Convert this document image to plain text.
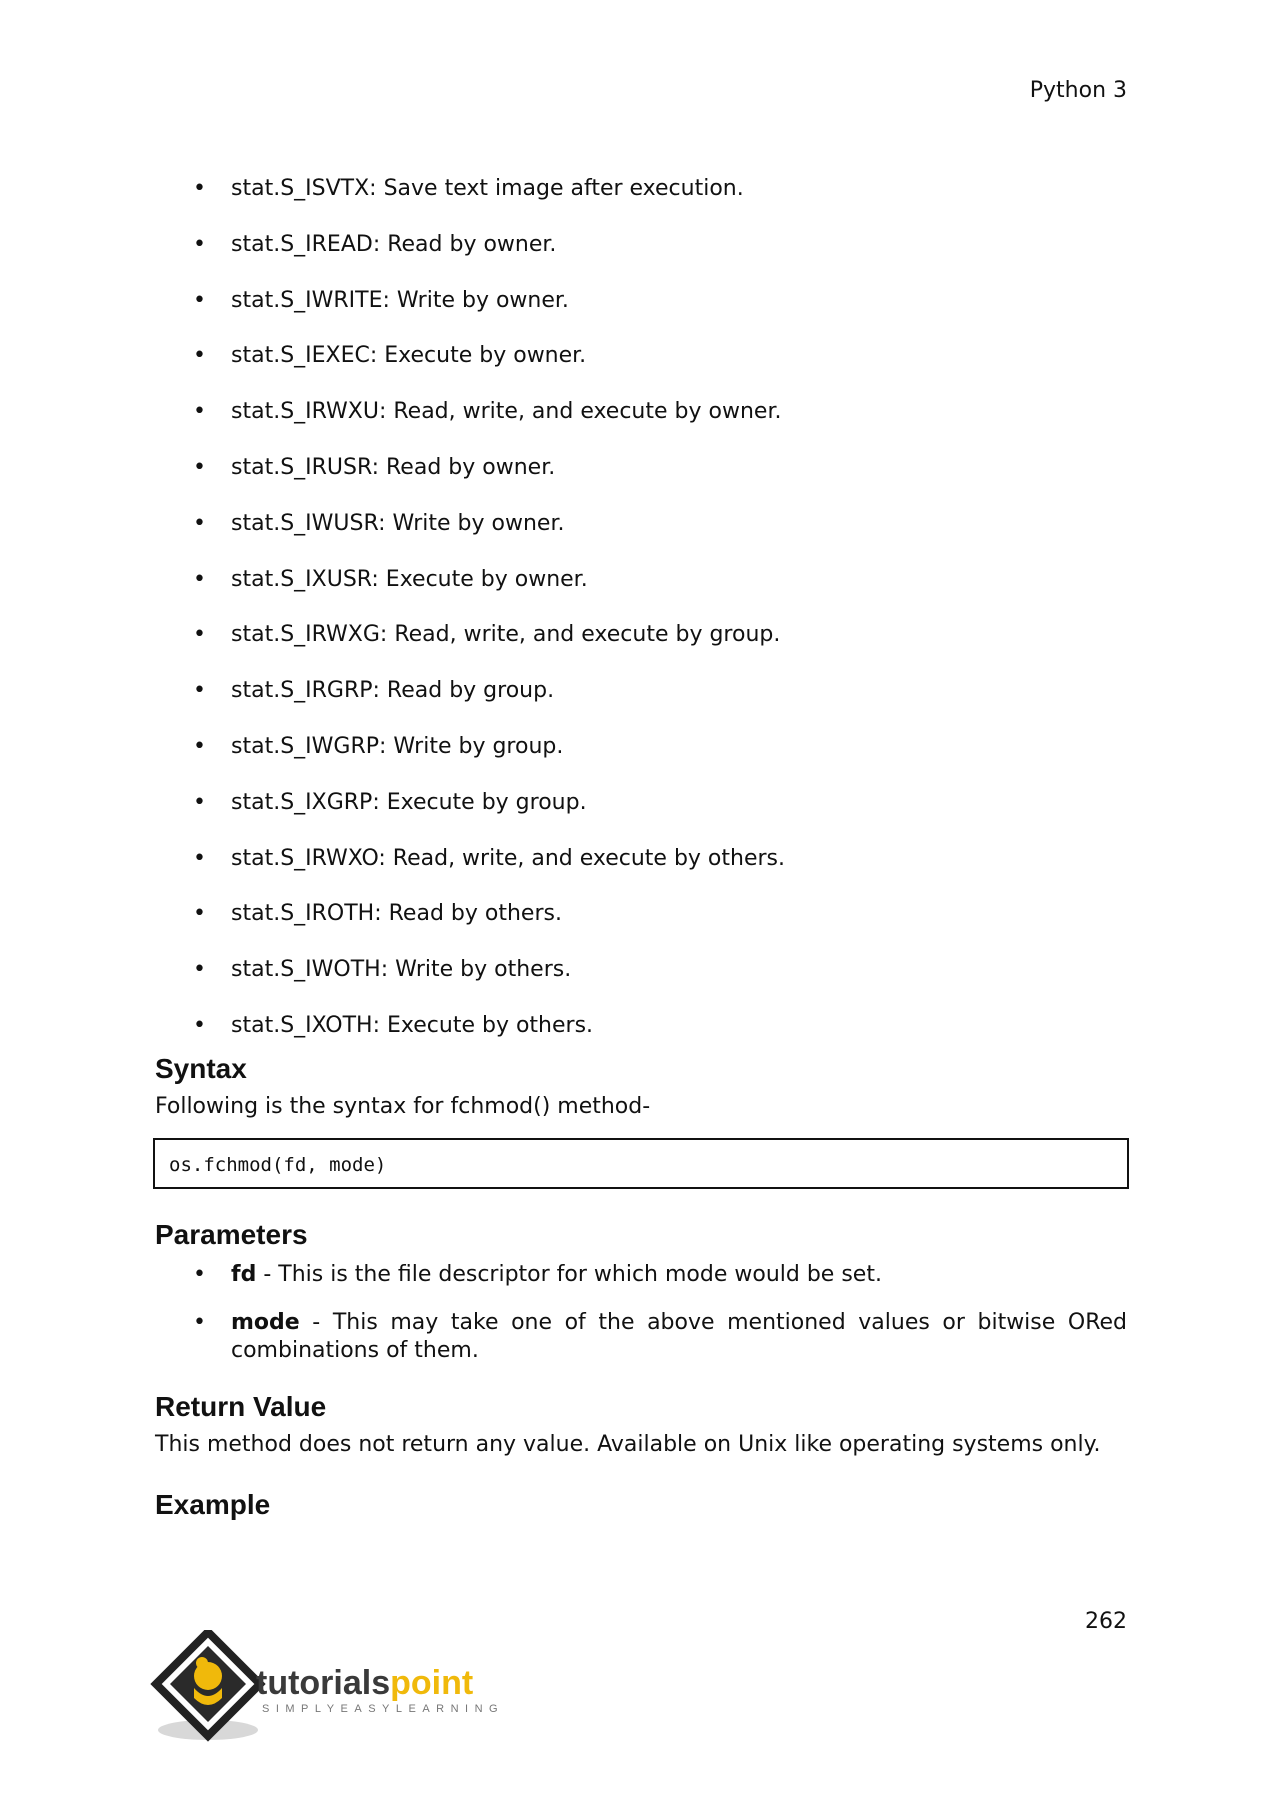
Python 3
• stat.S_ISVTX: Save text image after execution.
• stat.S_IREAD: Read by owner.
• stat.S_IWRITE: Write by owner.
• stat.S_IEXEC: Execute by owner.
• stat.S_IRWXU: Read, write, and execute by owner.
• stat.S_IRUSR: Read by owner.
• stat.S_IWUSR: Write by owner.
• stat.S_IXUSR: Execute by owner.
• stat.S_IRWXG: Read, write, and execute by group.
• stat.S_IRGRP: Read by group.
• stat.S_IWGRP: Write by group.
• stat.S_IXGRP: Execute by group.
• stat.S_IRWXO: Read, write, and execute by others.
• stat.S_IROTH: Read by others.
• stat.S_IWOTH: Write by others.
• stat.S_IXOTH: Execute by others.
Syntax

Following is the syntax for fchmod() method-

os.fchmod(fd, mode)
Parameters
• fd - This is the file descriptor for which mode would be set.
• mode - This may take one of the above mentioned values or bitwise ORed combinations of them.
Return Value

This method does not return any value. Available on Unix like operating systems only.

Example
262
tutorialspoint
SIMPLYEASYLEARNING
